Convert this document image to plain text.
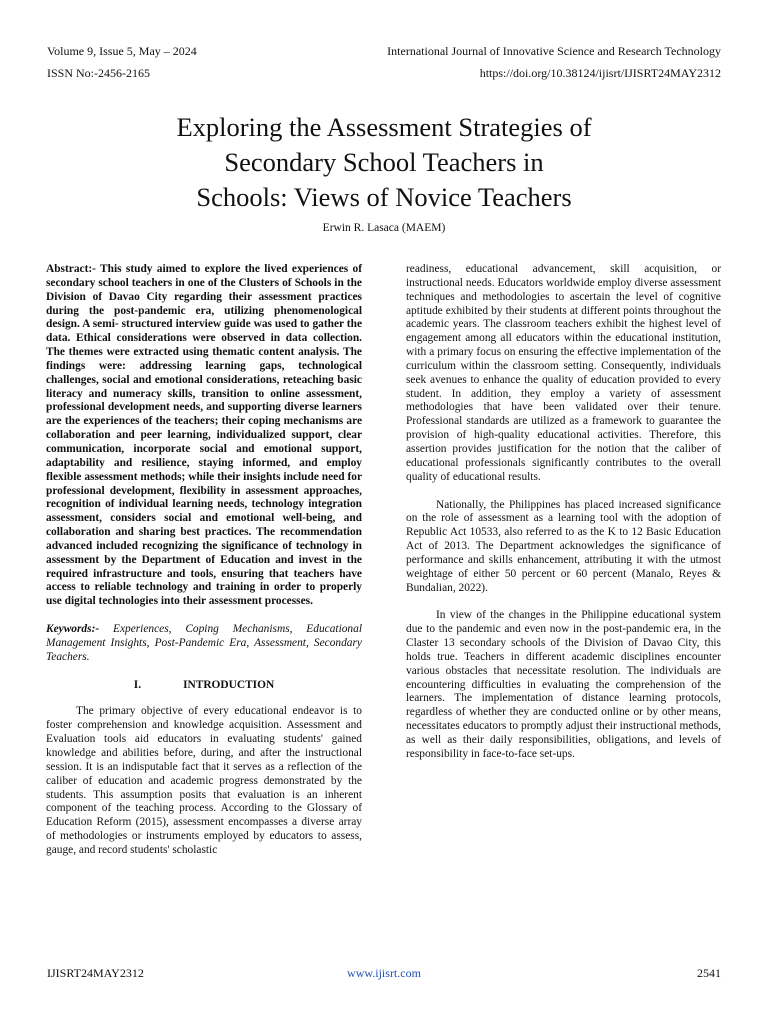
Volume 9, Issue 5, May – 2024	International Journal of Innovative Science and Research Technology
ISSN No:-2456-2165	https://doi.org/10.38124/ijisrt/IJISRT24MAY2312
Exploring the Assessment Strategies of
Secondary School Teachers in
Schools: Views of Novice Teachers
Erwin R. Lasaca (MAEM)

Abstract:- This study aimed to explore the lived experiences of secondary school teachers in one of the Clusters of Schools in the Division of Davao City regarding their assessment practices during the post-pandemic era, utilizing phenomenological design. A semi- structured interview guide was used to gather the data. Ethical considerations were observed in data collection. The themes were extracted using thematic content analysis. The findings were: addressing learning gaps, technological challenges, social and emotional considerations, reteaching basic literacy and numeracy skills, transition to online assessment, professional development needs, and supporting diverse learners are the experiences of the teachers; their coping mechanisms are collaboration and peer learning, individualized support, clear communication, incorporate social and emotional support, adaptability and resilience, staying informed, and employ flexible assessment methods; while their insights include need for professional development, flexibility in assessment approaches, recognition of individual learning needs, technology integration assessment, considers social and emotional well-being, and collaboration and sharing best practices. The recommendation advanced included recognizing the significance of technology in assessment by the Department of Education and invest in the required infrastructure and tools, ensuring that teachers have access to reliable technology and training in order to properly use digital technologies into their assessment processes.

Keywords:- Experiences, Coping Mechanisms, Educational Management Insights, Post-Pandemic Era, Assessment, Secondary Teachers.

I.	INTRODUCTION

The primary objective of every educational endeavor is to foster comprehension and knowledge acquisition. Assessment and Evaluation tools aid educators in evaluating students' gained knowledge and abilities before, during, and after the instructional session. It is an indisputable fact that it serves as a reflection of the caliber of education and academic progress demonstrated by the students. This assumption posits that evaluation is an inherent component of the teaching process. According to the Glossary of Education Reform (2015), assessment encompasses a diverse array of methodologies or instruments employed by educators to assess, gauge, and record students' scholastic

readiness, educational advancement, skill acquisition, or instructional needs. Educators worldwide employ diverse assessment techniques and methodologies to ascertain the level of cognitive aptitude exhibited by their students at different points throughout the academic years. The classroom teachers exhibit the highest level of engagement among all educators within the educational institution, with a primary focus on ensuring the effective implementation of the curriculum within the classroom setting. Consequently, individuals seek avenues to enhance the quality of education provided to every student. In addition, they employ a variety of assessment methodologies that have been validated over their tenure. Professional standards are utilized as a framework to guarantee the provision of high-quality educational activities. Therefore, this assertion provides justification for the notion that the caliber of educational professionals significantly contributes to the overall quality of educational results.

Nationally, the Philippines has placed increased significance on the role of assessment as a learning tool with the adoption of Republic Act 10533, also referred to as the K to 12 Basic Education Act of 2013. The Department acknowledges the significance of performance and skills enhancement, attributing it with the utmost weightage of either 50 percent or 60 percent (Manalo, Reyes & Bundalian, 2022).

In view of the changes in the Philippine educational system due to the pandemic and even now in the post-pandemic era, in the Claster 13 secondary schools of the Division of Davao City, this holds true. Teachers in different academic disciplines encounter various obstacles that necessitate resolution. The individuals are encountering difficulties in evaluating the comprehension of the learners. The implementation of distance learning protocols, regardless of whether they are conducted online or by other means, necessitates educators to promptly adjust their instructional methods, as well as their daily responsibilities, obligations, and levels of responsibility in face-to-face set-ups.

IJISRT24MAY2312	www.ijisrt.com	2541
